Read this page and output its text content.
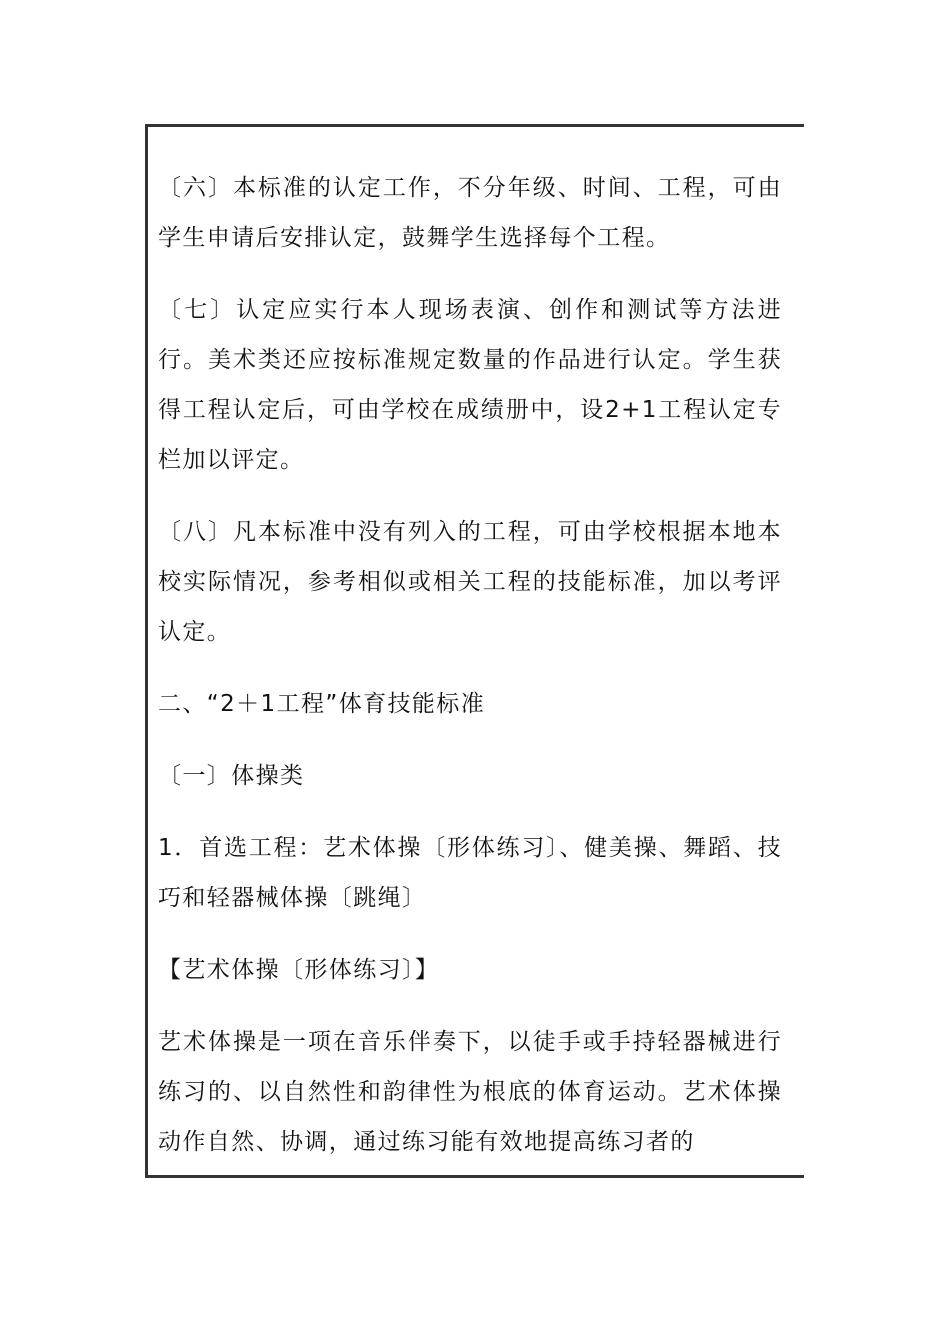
〔六〕本标准的认定工作，不分年级、时间、工程，可由学生申请后安排认定，鼓舞学生选择每个工程。

〔七〕认定应实行本人现场表演、创作和测试等方法进行。美术类还应按标准规定数量的作品进行认定。学生获得工程认定后，可由学校在成绩册中，设2+1工程认定专栏加以评定。

〔八〕凡本标准中没有列入的工程，可由学校根据本地本校实际情况，参考相似或相关工程的技能标准，加以考评认定。

二、“2＋1工程”体育技能标准

〔一〕体操类

1．首选工程：艺术体操〔形体练习〕、健美操、舞蹈、技巧和轻器械体操〔跳绳〕

【艺术体操〔形体练习〕】

艺术体操是一项在音乐伴奏下，以徒手或手持轻器械进行练习的、以自然性和韵律性为根底的体育运动。艺术体操动作自然、协调，通过练习能有效地提高练习者的
